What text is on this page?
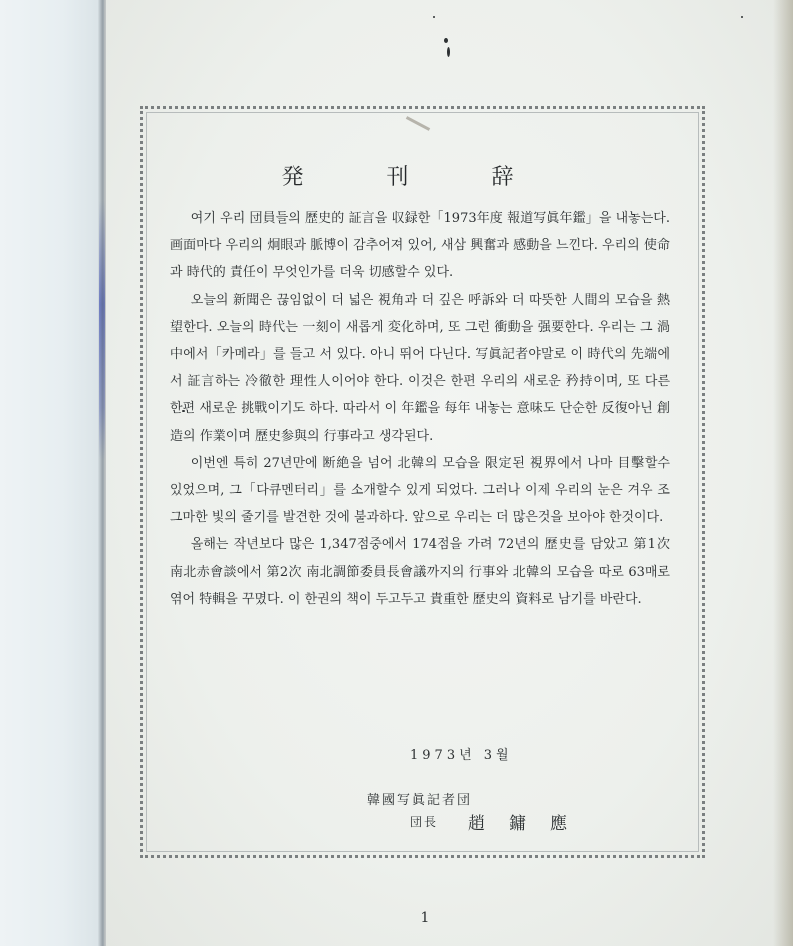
発 刊 辞

여기 우리 団員들의 歷史的 証言을 収録한「1973年度 報道写眞年鑑」을 내놓는다. 画面마다 우리의 炯眼과 脈博이 감추어져 있어, 새삼 興奮과 感動을 느낀다. 우리의 使命과 時代的 責任이 무엇인가를 더욱 切感할수 있다.

오늘의 新聞은 끊임없이 더 넓은 視角과 더 깊은 呼訴와 더 따뜻한 人間의 모습을 熱望한다. 오늘의 時代는 一刻이 새롭게 変化하며, 또 그런 衝動을 强要한다. 우리는 그 渦中에서「카메라」를 들고 서 있다. 아니 뛰어 다닌다. 写眞記者야말로 이 時代의 先端에서 証言하는 冷徹한 理性人이어야 한다. 이것은 한편 우리의 새로운 矜持이며, 또 다른 한편 새로운 挑戰이기도 하다. 따라서 이 年鑑을 每年 내놓는 意味도 단순한 反復아닌 創造의 作業이며 歷史参與의 行事라고 생각된다.

이번엔 특히 27년만에 断絶을 넘어 北韓의 모습을 限定된 視界에서 나마 目擊할수 있었으며, 그「다큐멘터리」를 소개할수 있게 되었다. 그러나 이제 우리의 눈은 겨우 조그마한 빛의 줄기를 발견한 것에 불과하다. 앞으로 우리는 더 많은것을 보아야 한것이다.

올해는 작년보다 많은 1,347점중에서 174점을 가려 72년의 歷史를 담았고 第1次 南北赤會談에서 第2次 南北調節委員長會議까지의 行事와 北韓의 모습을 따로 63매로 엮어 特輯을 꾸몄다. 이 한권의 책이 두고두고 貴重한 歷史의 資料로 남기를 바란다.

1973년 3월

韓國写眞記者団

団長 趙鏞應

1
